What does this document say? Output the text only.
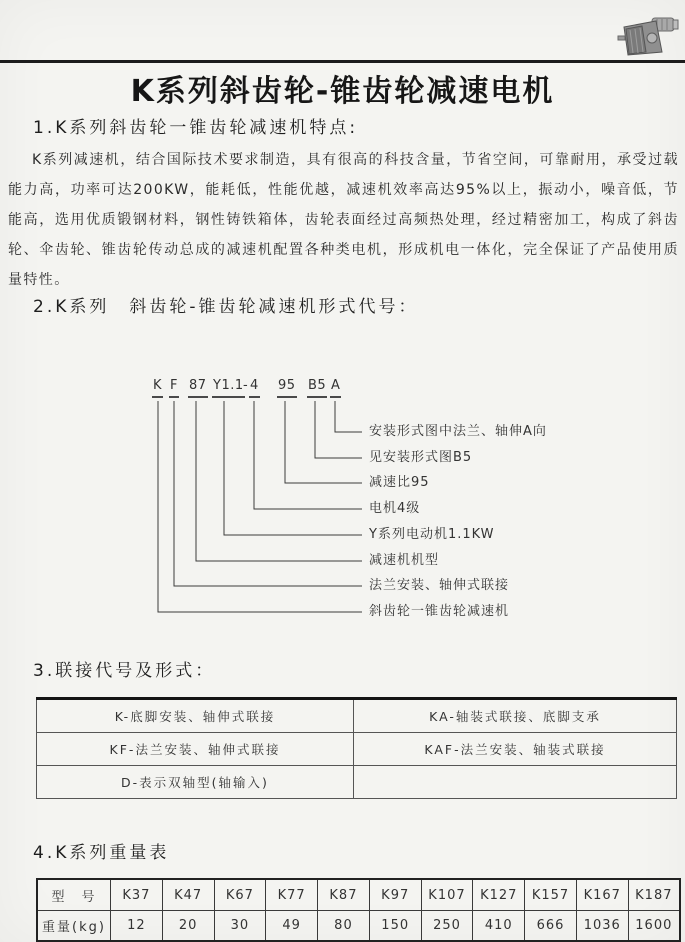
K系列斜齿轮-锥齿轮减速电机
1.K系列斜齿轮一锥齿轮减速机特点:
K系列减速机，结合国际技术要求制造，具有很高的科技含量，节省空间，可靠耐用，承受过载能力高，功率可达200KW，能耗低，性能优越，减速机效率高达95%以上，振动小，噪音低，节能高，选用优质锻钢材料，钢性铸铁箱体，齿轮表面经过高频热处理，经过精密加工，构成了斜齿轮、伞齿轮、锥齿轮传动总成的减速机配置各种类电机，形成机电一体化，完全保证了产品使用质量特性。
2.K系列　斜齿轮-锥齿轮减速机形式代号：
K F 87 Y1.1 - 4 95 B5 A
安装形式图中法兰、轴伸A向
见安装形式图B5
减速比95
电机4级
Y系列电动机1.1KW
减速机机型
法兰安装、轴伸式联接
斜齿轮一锥齿轮减速机
3.联接代号及形式：
K-底脚安装、轴伸式联接	KA-轴装式联接、底脚支承
KF-法兰安装、轴伸式联接	KAF-法兰安装、轴装式联接
D-表示双轴型(轴输入)	
4.K系列重量表
型　号	K37	K47	K67	K77	K87	K97	K107	K127	K157	K167	K187
重量(kg)	12	20	30	49	80	150	250	410	666	1036	1600
